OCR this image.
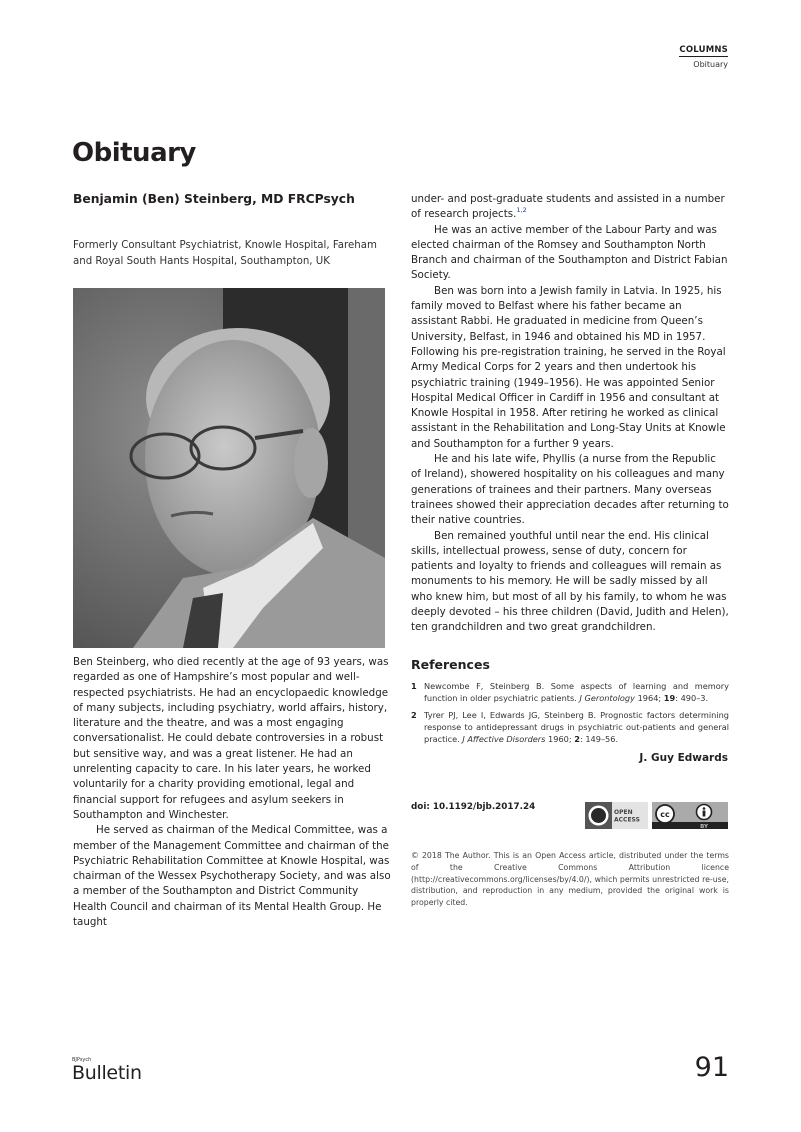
COLUMNS
Obituary
Obituary
Benjamin (Ben) Steinberg, MD FRCPsych
Formerly Consultant Psychiatrist, Knowle Hospital, Fareham and Royal South Hants Hospital, Southampton, UK

Ben Steinberg, who died recently at the age of 93 years, was regarded as one of Hampshire’s most popular and well-respected psychiatrists. He had an encyclopaedic knowledge of many subjects, including psychiatry, world affairs, history, literature and the theatre, and was a most engaging conversationalist. He could debate controversies in a robust but sensitive way, and was a great listener. He had an unrelenting capacity to care. In his later years, he worked voluntarily for a charity providing emotional, legal and financial support for refugees and asylum seekers in Southampton and Winchester.

He served as chairman of the Medical Committee, was a member of the Management Committee and chairman of the Psychiatric Rehabilitation Committee at Knowle Hospital, was chairman of the Wessex Psychotherapy Society, and was also a member of the Southampton and District Community Health Council and chairman of its Mental Health Group. He taught

under- and post-graduate students and assisted in a number of research projects.$^{1,2}$

He was an active member of the Labour Party and was elected chairman of the Romsey and Southampton North Branch and chairman of the Southampton and District Fabian Society.

Ben was born into a Jewish family in Latvia. In 1925, his family moved to Belfast where his father became an assistant Rabbi. He graduated in medicine from Queen’s University, Belfast, in 1946 and obtained his MD in 1957. Following his pre-registration training, he served in the Royal Army Medical Corps for 2 years and then undertook his psychiatric training (1949–1956). He was appointed Senior Hospital Medical Officer in Cardiff in 1956 and consultant at Knowle Hospital in 1958. After retiring he worked as clinical assistant in the Rehabilitation and Long-Stay Units at Knowle and Southampton for a further 9 years.

He and his late wife, Phyllis (a nurse from the Republic of Ireland), showered hospitality on his colleagues and many generations of trainees and their partners. Many overseas trainees showed their appreciation decades after returning to their native countries.

Ben remained youthful until near the end. His clinical skills, intellectual prowess, sense of duty, concern for patients and loyalty to friends and colleagues will remain as monuments to his memory. He will be sadly missed by all who knew him, but most of all by his family, to whom he was deeply devoted – his three children (David, Judith and Helen), ten grandchildren and two great grandchildren.

References
1 Newcombe F, Steinberg B. Some aspects of learning and memory function in older psychiatric patients. J Gerontology 1964; 19: 490–3.
2 Tyrer PJ, Lee I, Edwards JG, Steinberg B. Prognostic factors determining response to antidepressant drugs in psychiatric out-patients and general practice. J Affective Disorders 1960; 2: 149–56.
J. Guy Edwards
doi: 10.1192/bjb.2017.24
OPEN
ACCESS
cc
BY
© 2018 The Author. This is an Open Access article, distributed under the terms of the Creative Commons Attribution licence (http://creativecommons.org/licenses/by/4.0/), which permits unrestricted re-use, distribution, and reproduction in any medium, provided the original work is properly cited.
BJPsych
Bulletin	91
